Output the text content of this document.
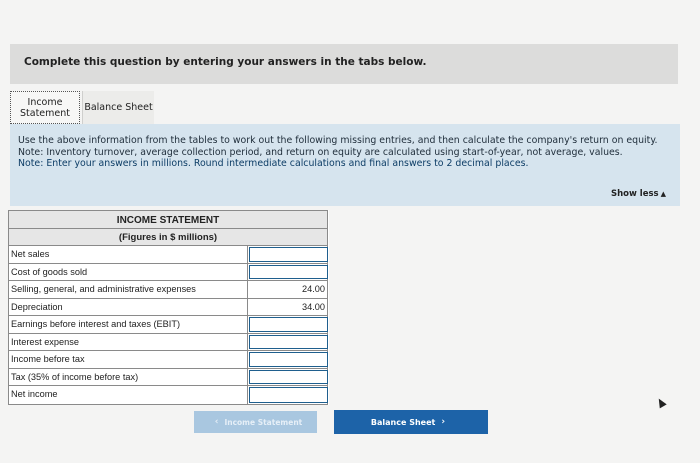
Complete this question by entering your answers in the tabs below.
Income
Statement Balance Sheet

Use the above information from the tables to work out the following missing entries, and then calculate the company's return on equity. Note: Inventory turnover, average collection period, and return on equity are calculated using start-of-year, not average, values.

Note: Enter your answers in millions. Round intermediate calculations and final answers to 2 decimal places.

Show less ▲
INCOME STATEMENT
(Figures in $ millions)
Net sales
Cost of goods sold
Selling, general, and administrative expenses	24.00
Depreciation	34.00
Earnings before interest and taxes (EBIT)
Interest expense
Income before tax
Tax (35% of income before tax)
Net income
‹ Income Statement	Balance Sheet ›
